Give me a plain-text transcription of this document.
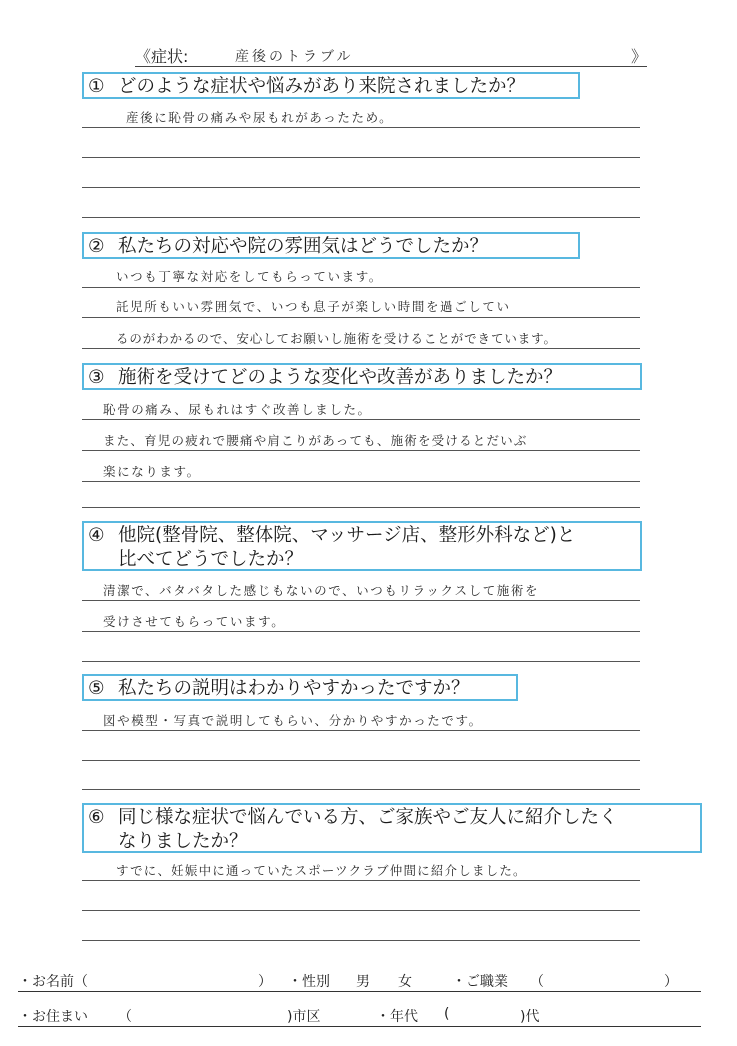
《 症状:	産後のトラブル	》
① どのような症状や悩みがあり来院されましたか？
産後に恥骨の痛みや尿もれがあったため。
② 私たちの対応や院の雰囲気はどうでしたか？
いつも丁寧な対応をしてもらっています。
託児所もいい雰囲気で、いつも息子が楽しい時間を過ごしてい
るのがわかるので、安心してお願いし施術を受けることができています。
③ 施術を受けてどのような変化や改善がありましたか？
恥骨の痛み、尿もれはすぐ改善しました。
また、育児の疲れで腰痛や肩こりがあっても、施術を受けるとだいぶ
楽になります。
④ 他院(整骨院、整体院、マッサージ店、整形外科など)と
比べてどうでしたか？
清潔で、バタバタした感じもないので、いつもリラックスして施術を
受けさせてもらっています。
⑤ 私たちの説明はわかりやすかったですか？
図や模型・写真で説明してもらい、分かりやすかったです。
⑥ 同じ様な症状で悩んでいる方、ご家族やご友人に紹介したく
なりましたか？
すでに、妊娠中に通っていたスポーツクラブ仲間に紹介しました。
・お名前（	） ・性別 男 女	・ご職業 （	）
・お住まい （	)市区	・年代 (	)代
